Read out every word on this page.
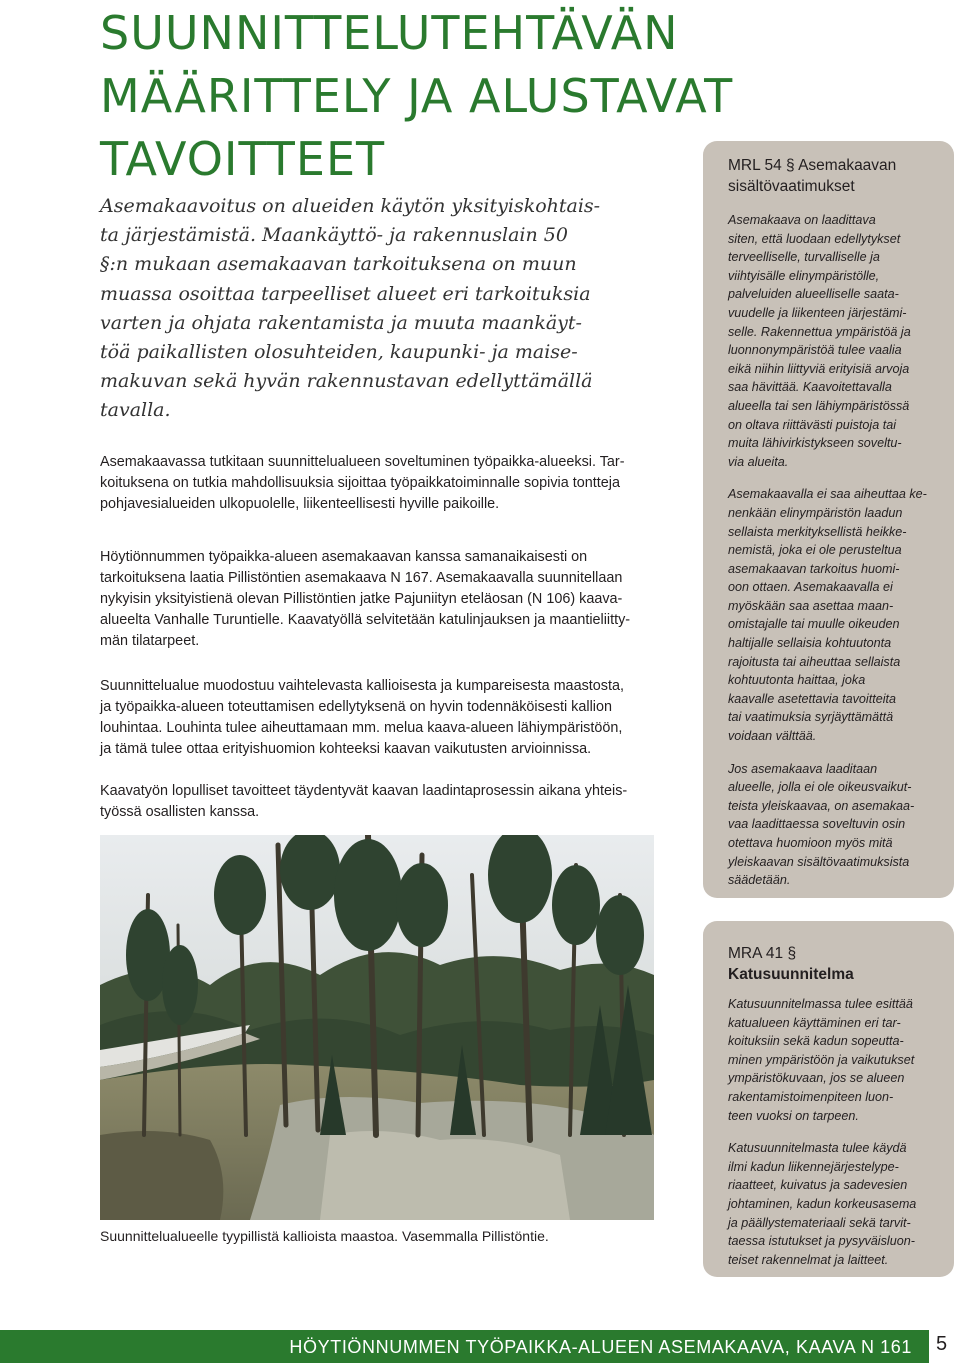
SUUNNITTELUTEHTÄVÄN
MÄÄRITTELY JA ALUSTAVAT
TAVOITTEET

Asemakaavoitus on alueiden käytön yksityiskohtais-
ta järjestämistä. Maankäyttö- ja rakennuslain 50
§:n mukaan asemakaavan tarkoituksena on muun
muassa osoittaa tarpeelliset alueet eri tarkoituksia
varten ja ohjata rakentamista ja muuta maankäyt-
töä paikallisten olosuhteiden, kaupunki- ja maise-
makuvan sekä hyvän rakennustavan edellyttämällä
tavalla.

Asemakaavassa tutkitaan suunnittelualueen soveltuminen työpaikka-alueeksi. Tar-
koituksena on tutkia mahdollisuuksia sijoittaa työpaikkatoiminnalle sopivia tontteja
pohjavesialueiden ulkopuolelle, liikenteellisesti hyville paikoille.

Höytiönnummen työpaikka-alueen asemakaavan kanssa samanaikaisesti on
tarkoituksena laatia Pillistöntien asemakaava N 167. Asemakaavalla suunnitellaan
nykyisin yksityistienä olevan Pillistöntien jatke Pajuniityn eteläosan (N 106) kaava-
alueelta Vanhalle Turuntielle. Kaavatyöllä selvitetään katulinjauksen ja maantieliitty-
män tilatarpeet.

Suunnittelualue muodostuu vaihtelevasta kallioisesta ja kumpareisesta maastosta,
ja työpaikka-alueen toteuttamisen edellytyksenä on hyvin todennäköisesti kallion
louhintaa. Louhinta tulee aiheuttamaan mm. melua kaava-alueen lähiympäristöön,
ja tämä tulee ottaa erityishuomion kohteeksi kaavan vaikutusten arvioinnissa.

Kaavatyön lopulliset tavoitteet täydentyvät kaavan laadintaprosessin aikana yhteis-
työssä osallisten kanssa.

Suunnittelualueelle tyypillistä kallioista maastoa. Vasemmalla Pillistöntie.

MRL 54 § Asemakaavan
sisältövaatimukset

Asemakaava on laadittava
siten, että luodaan edellytykset
terveelliselle, turvalliselle ja
viihtyisälle elinympäristölle,
palveluiden alueelliselle saata-
vuudelle ja liikenteen järjestämi-
selle. Rakennettua ympäristöä ja
luonnonympäristöä tulee vaalia
eikä niihin liittyviä erityisiä arvoja
saa hävittää. Kaavoitettavalla
alueella tai sen lähiympäristössä
on oltava riittävästi puistoja tai
muita lähivirkistykseen soveltu-
via alueita.

Asemakaavalla ei saa aiheuttaa ke-
nenkään elinympäristön laadun
sellaista merkityksellistä heikke-
nemistä, joka ei ole perusteltua
asemakaavan tarkoitus huomi-
oon ottaen. Asemakaavalla ei
myöskään saa asettaa maan-
omistajalle tai muulle oikeuden
haltijalle sellaisia kohtuutonta
rajoitusta tai aiheuttaa sellaista
kohtuutonta haittaa, joka
kaavalle asetettavia tavoitteita
tai vaatimuksia syrjäyttämättä
voidaan välttää.

Jos asemakaava laaditaan
alueelle, jolla ei ole oikeusvaikut-
teista yleiskaavaa, on asemakaa-
vaa laadittaessa soveltuvin osin
otettava huomioon myös mitä
yleiskaavan sisältövaatimuksista
säädetään.

MRA 41 §
Katusuunnitelma

Katusuunnitelmassa tulee esittää
katualueen käyttäminen eri tar-
koituksiin sekä kadun sopeutta-
minen ympäristöön ja vaikutukset
ympäristökuvaan, jos se alueen
rakentamistoimenpiteen luon-
teen vuoksi on tarpeen.

Katusuunnitelmasta tulee käydä
ilmi kadun liikennejärjestelype-
riaatteet, kuivatus ja sadevesien
johtaminen, kadun korkeusasema
ja päällystemateriaali sekä tarvit-
taessa istutukset ja pysyväisluon-
teiset rakennelmat ja laitteet.

HÖYTIÖNNUMMEN TYÖPAIKKA-ALUEEN ASEMAKAAVA, KAAVA N 161 5
